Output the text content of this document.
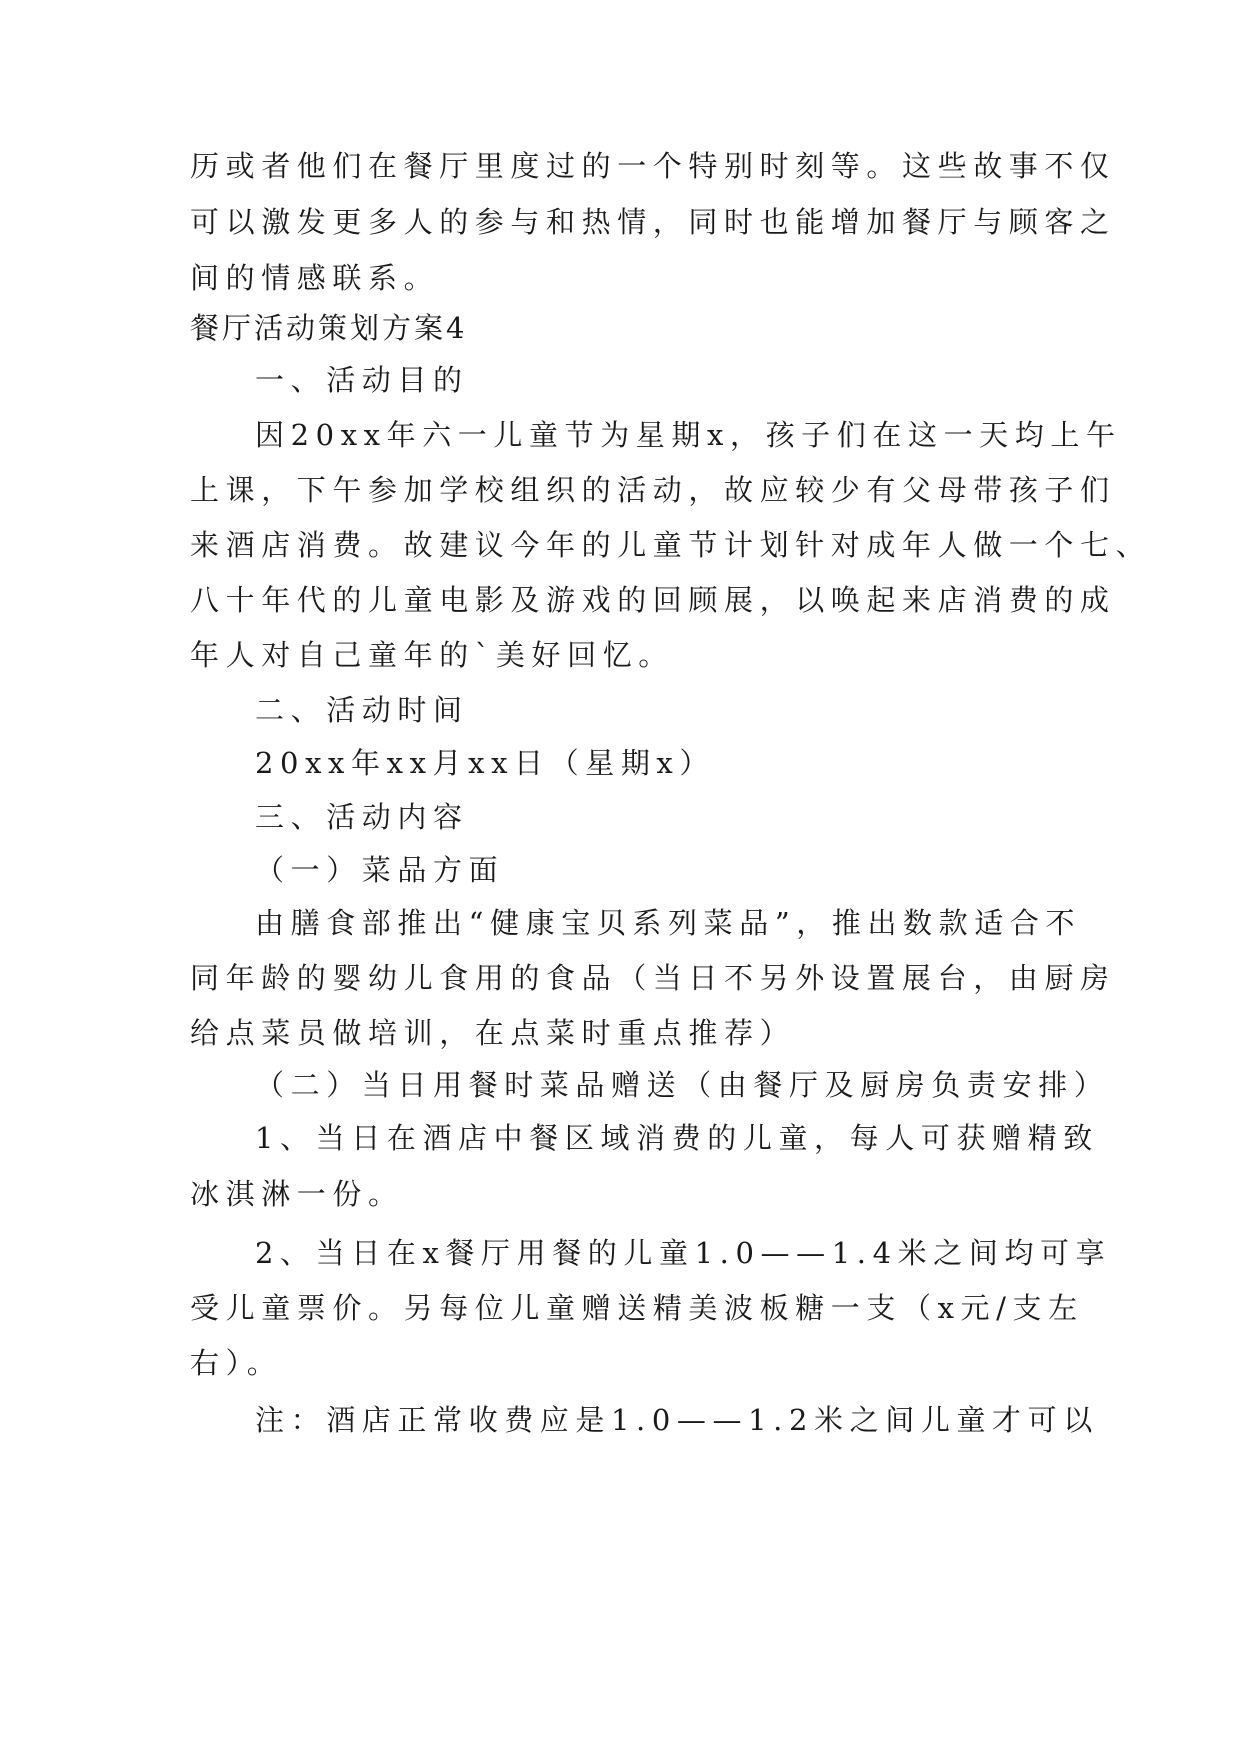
历或者他们在餐厅里度过的一个特别时刻等。这些故事不仅
可以激发更多人的参与和热情，同时也能增加餐厅与顾客之
间的情感联系。
餐厅活动策划方案4
一、活动目的
因20xx年六一儿童节为星期x，孩子们在这一天均上午
上课，下午参加学校组织的活动，故应较少有父母带孩子们
来酒店消费。故建议今年的儿童节计划针对成年人做一个七、
八十年代的儿童电影及游戏的回顾展，以唤起来店消费的成
年人对自己童年的`美好回忆。
二、活动时间
20xx年xx月xx日（星期x）
三、活动内容
（一）菜品方面
由膳食部推出“健康宝贝系列菜品”，推出数款适合不
同年龄的婴幼儿食用的食品（当日不另外设置展台，由厨房
给点菜员做培训，在点菜时重点推荐）
（二）当日用餐时菜品赠送（由餐厅及厨房负责安排）
1、当日在酒店中餐区域消费的儿童，每人可获赠精致
冰淇淋一份。
2、当日在x餐厅用餐的儿童1.0——1.4米之间均可享
受儿童票价。另每位儿童赠送精美波板糖一支（x元/支左
右）。
注：酒店正常收费应是1.0——1.2米之间儿童才可以
